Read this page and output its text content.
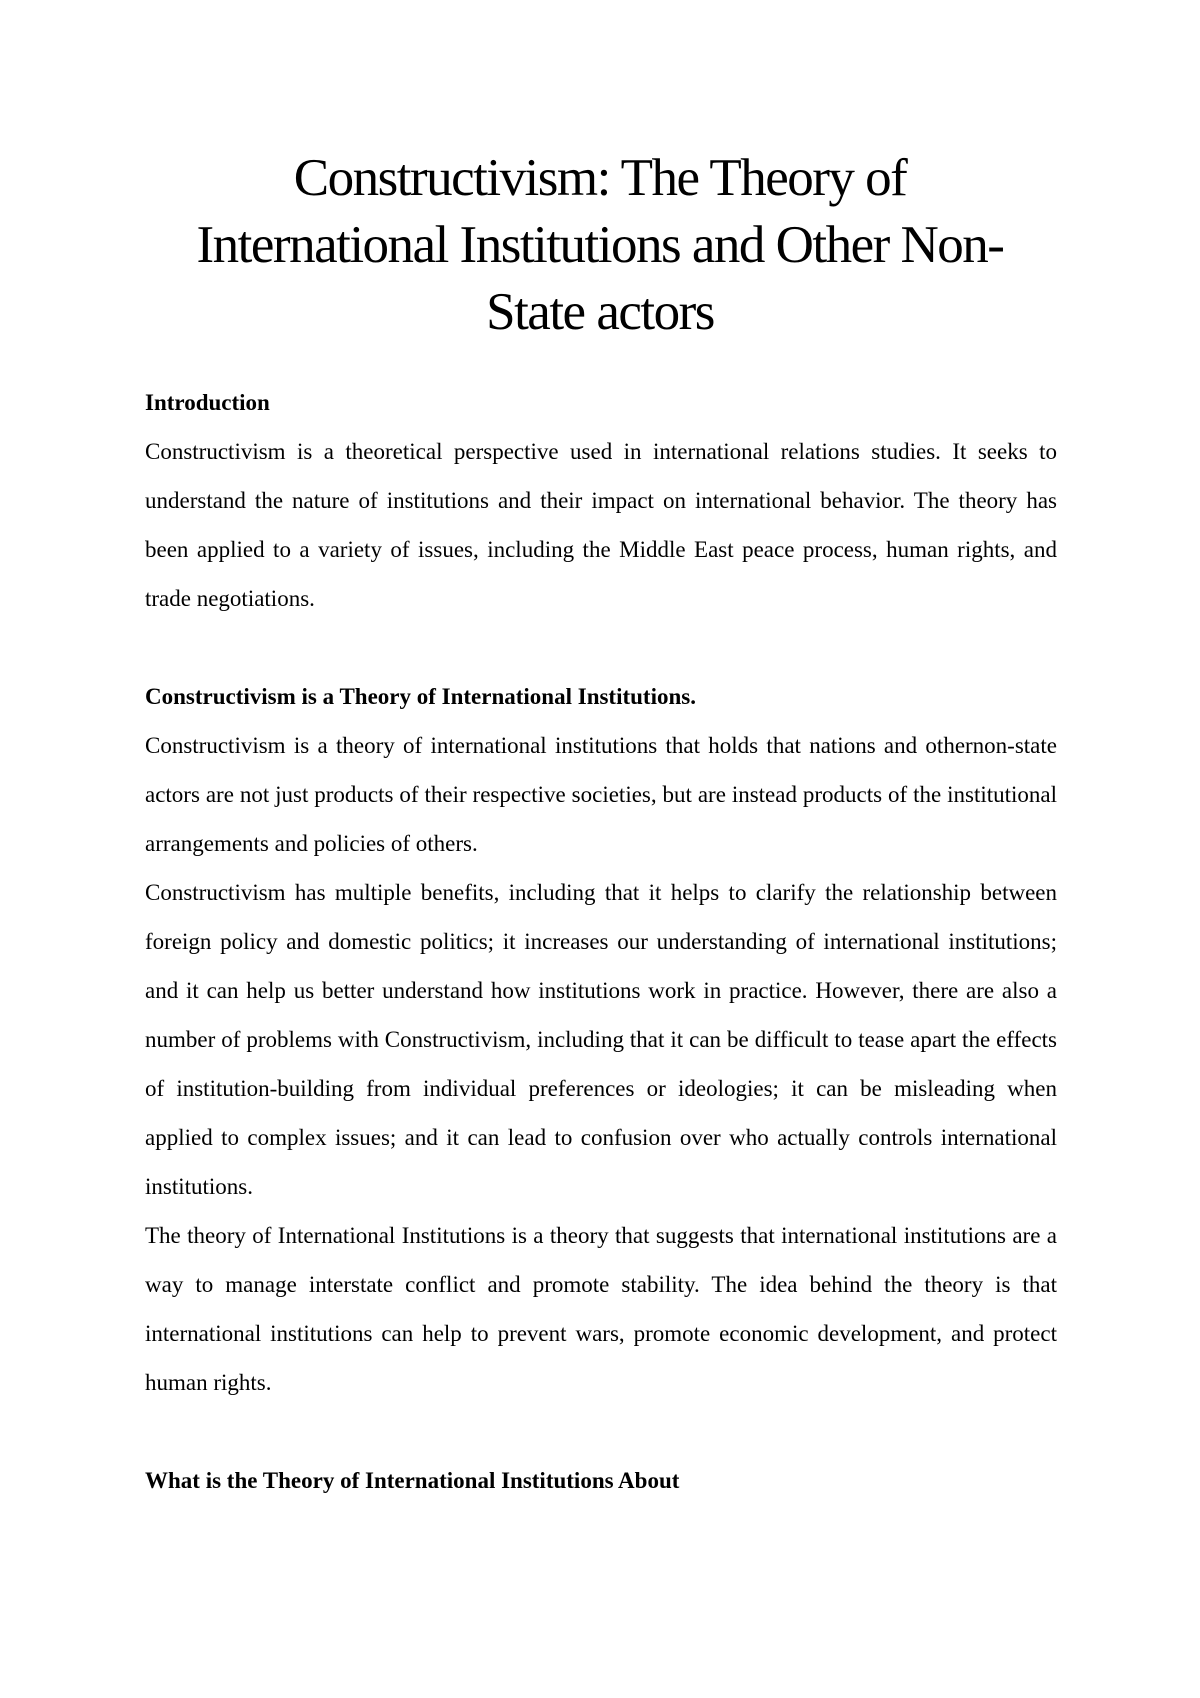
Constructivism: The Theory of
International Institutions and Other Non-
State actors
Introduction

Constructivism is a theoretical perspective used in international relations studies. It seeks to understand the nature of institutions and their impact on international behavior. The theory has been applied to a variety of issues, including the Middle East peace process, human rights, and trade negotiations.

Constructivism is a Theory of International Institutions.

Constructivism is a theory of international institutions that holds that nations and othernon-state actors are not just products of their respective societies, but are instead products of the institutional arrangements and policies of others.

Constructivism has multiple benefits, including that it helps to clarify the relationship between foreign policy and domestic politics; it increases our understanding of international institutions; and it can help us better understand how institutions work in practice. However, there are also a number of problems with Constructivism, including that it can be difficult to tease apart the effects of institution-building from individual preferences or ideologies; it can be misleading when applied to complex issues; and it can lead to confusion over who actually controls international institutions.

The theory of International Institutions is a theory that suggests that international institutions are a way to manage interstate conflict and promote stability. The idea behind the theory is that international institutions can help to prevent wars, promote economic development, and protect human rights.

What is the Theory of International Institutions About
